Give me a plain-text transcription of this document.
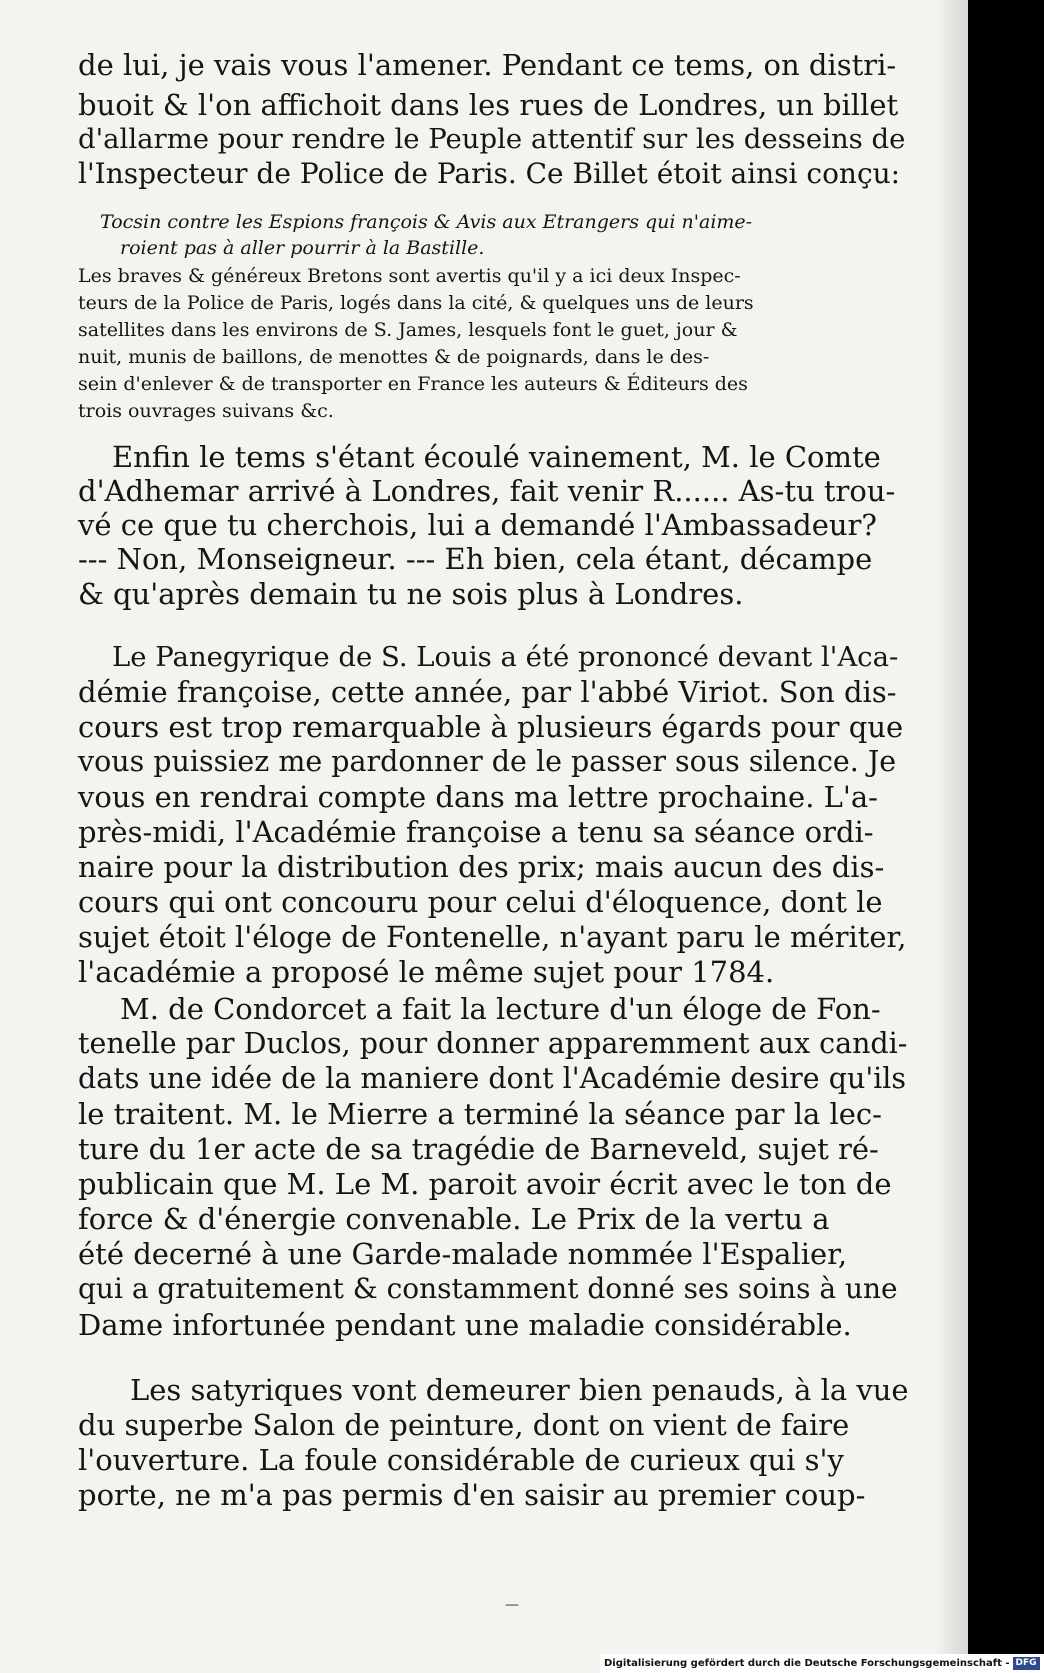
de lui, je vais vous l'amener. Pendant ce tems, on distri-
buoit & l'on affichoit dans les rues de Londres, un billet
d'allarme pour rendre le Peuple attentif sur les desseins de
l'Inspecteur de Police de Paris. Ce Billet étoit ainsi conçu:
Tocsin contre les Espions françois & Avis aux Etrangers qui n'aime-
roient pas à aller pourrir à la Bastille.
Les braves & généreux Bretons sont avertis qu'il y a ici deux Inspec-
teurs de la Police de Paris, logés dans la cité, & quelques uns de leurs
satellites dans les environs de S. James, lesquels font le guet, jour &
nuit, munis de baillons, de menottes & de poignards, dans le des-
sein d'enlever & de transporter en France les auteurs & Éditeurs des
trois ouvrages suivans &c.
Enfin le tems s'étant écoulé vainement, M. le Comte
d'Adhemar arrivé à Londres, fait venir R...... As-tu trou-
vé ce que tu cherchois, lui a demandé l'Ambassadeur?
--- Non, Monseigneur. --- Eh bien, cela étant, décampe
& qu'après demain tu ne sois plus à Londres.
Le Panegyrique de S. Louis a été prononcé devant l'Aca-
démie françoise, cette année, par l'abbé Viriot. Son dis-
cours est trop remarquable à plusieurs égards pour que
vous puissiez me pardonner de le passer sous silence. Je
vous en rendrai compte dans ma lettre prochaine. L'a-
près-midi, l'Académie françoise a tenu sa séance ordi-
naire pour la distribution des prix; mais aucun des dis-
cours qui ont concouru pour celui d'éloquence, dont le
sujet étoit l'éloge de Fontenelle, n'ayant paru le mériter,
l'académie a proposé le même sujet pour 1784.
M. de Condorcet a fait la lecture d'un éloge de Fon-
tenelle par Duclos, pour donner apparemment aux candi-
dats une idée de la maniere dont l'Académie desire qu'ils
le traitent. M. le Mierre a terminé la séance par la lec-
ture du 1er acte de sa tragédie de Barneveld, sujet ré-
publicain que M. Le M. paroit avoir écrit avec le ton de
force & d'énergie convenable. Le Prix de la vertu a
été decerné à une Garde-malade nommée l'Espalier,
qui a gratuitement & constamment donné ses soins à une
Dame infortunée pendant une maladie considérable.
Les satyriques vont demeurer bien penauds, à la vue
du superbe Salon de peinture, dont on vient de faire
l'ouverture. La foule considérable de curieux qui s'y
porte, ne m'a pas permis d'en saisir au premier coup-
—
Digitalisierung gefördert durch die Deutsche Forschungsgemeinschaft - DFG
